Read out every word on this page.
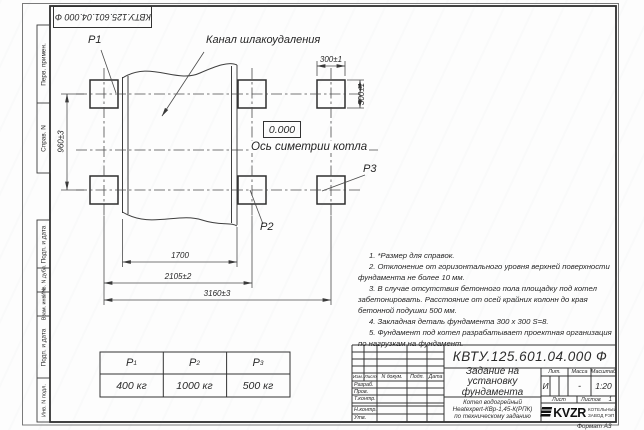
КВТУ.125.601.04.000 Ф
Перв. примен.
Справ. N
Подп. и дата
Инв. N дубл.
Взам. инв. N
Подп. и дата
Инв. N подл.
P1	Канал шлакоудаления
P2
P3
0.000
Ось симетрии котла
960±3
300±1
300±1
1700
2105±2
3160±3
1. *Размер для справок.
2. Отклонение от горизонтального уровня верхней поверхности фундамента не более 10 мм.
3. В случае отсутствия бетонного пола площадку под котел забетонировать. Расстояние от осей крайних колонн до края бетонной подушки 500 мм.
4. Закладная деталь фундамента 300 x 300 S=8.
5. Фундамент под котел разрабатывает проектная организация по нагрузкам на фундамент.
P 1	P 2	P 3
400 кг	1000 кг	500 кг
Изм. Лист N докум.	Подп. Дата
Разраб.
Пров.
Т.контр.
Н.контр.
Утв.
КВТУ.125.601.04.000 Ф
Задание на установку фундамента
Котел водогрейный
Heatexpert-КВр-1,45-К(РПК)
по техническому заданию
Лит.	Масса Масштаб
И	-	1:20
Лист	Листов 1
KVZR КОТЕЛЬНЫЙ
ЗАВОД РЭП
Формат А3
